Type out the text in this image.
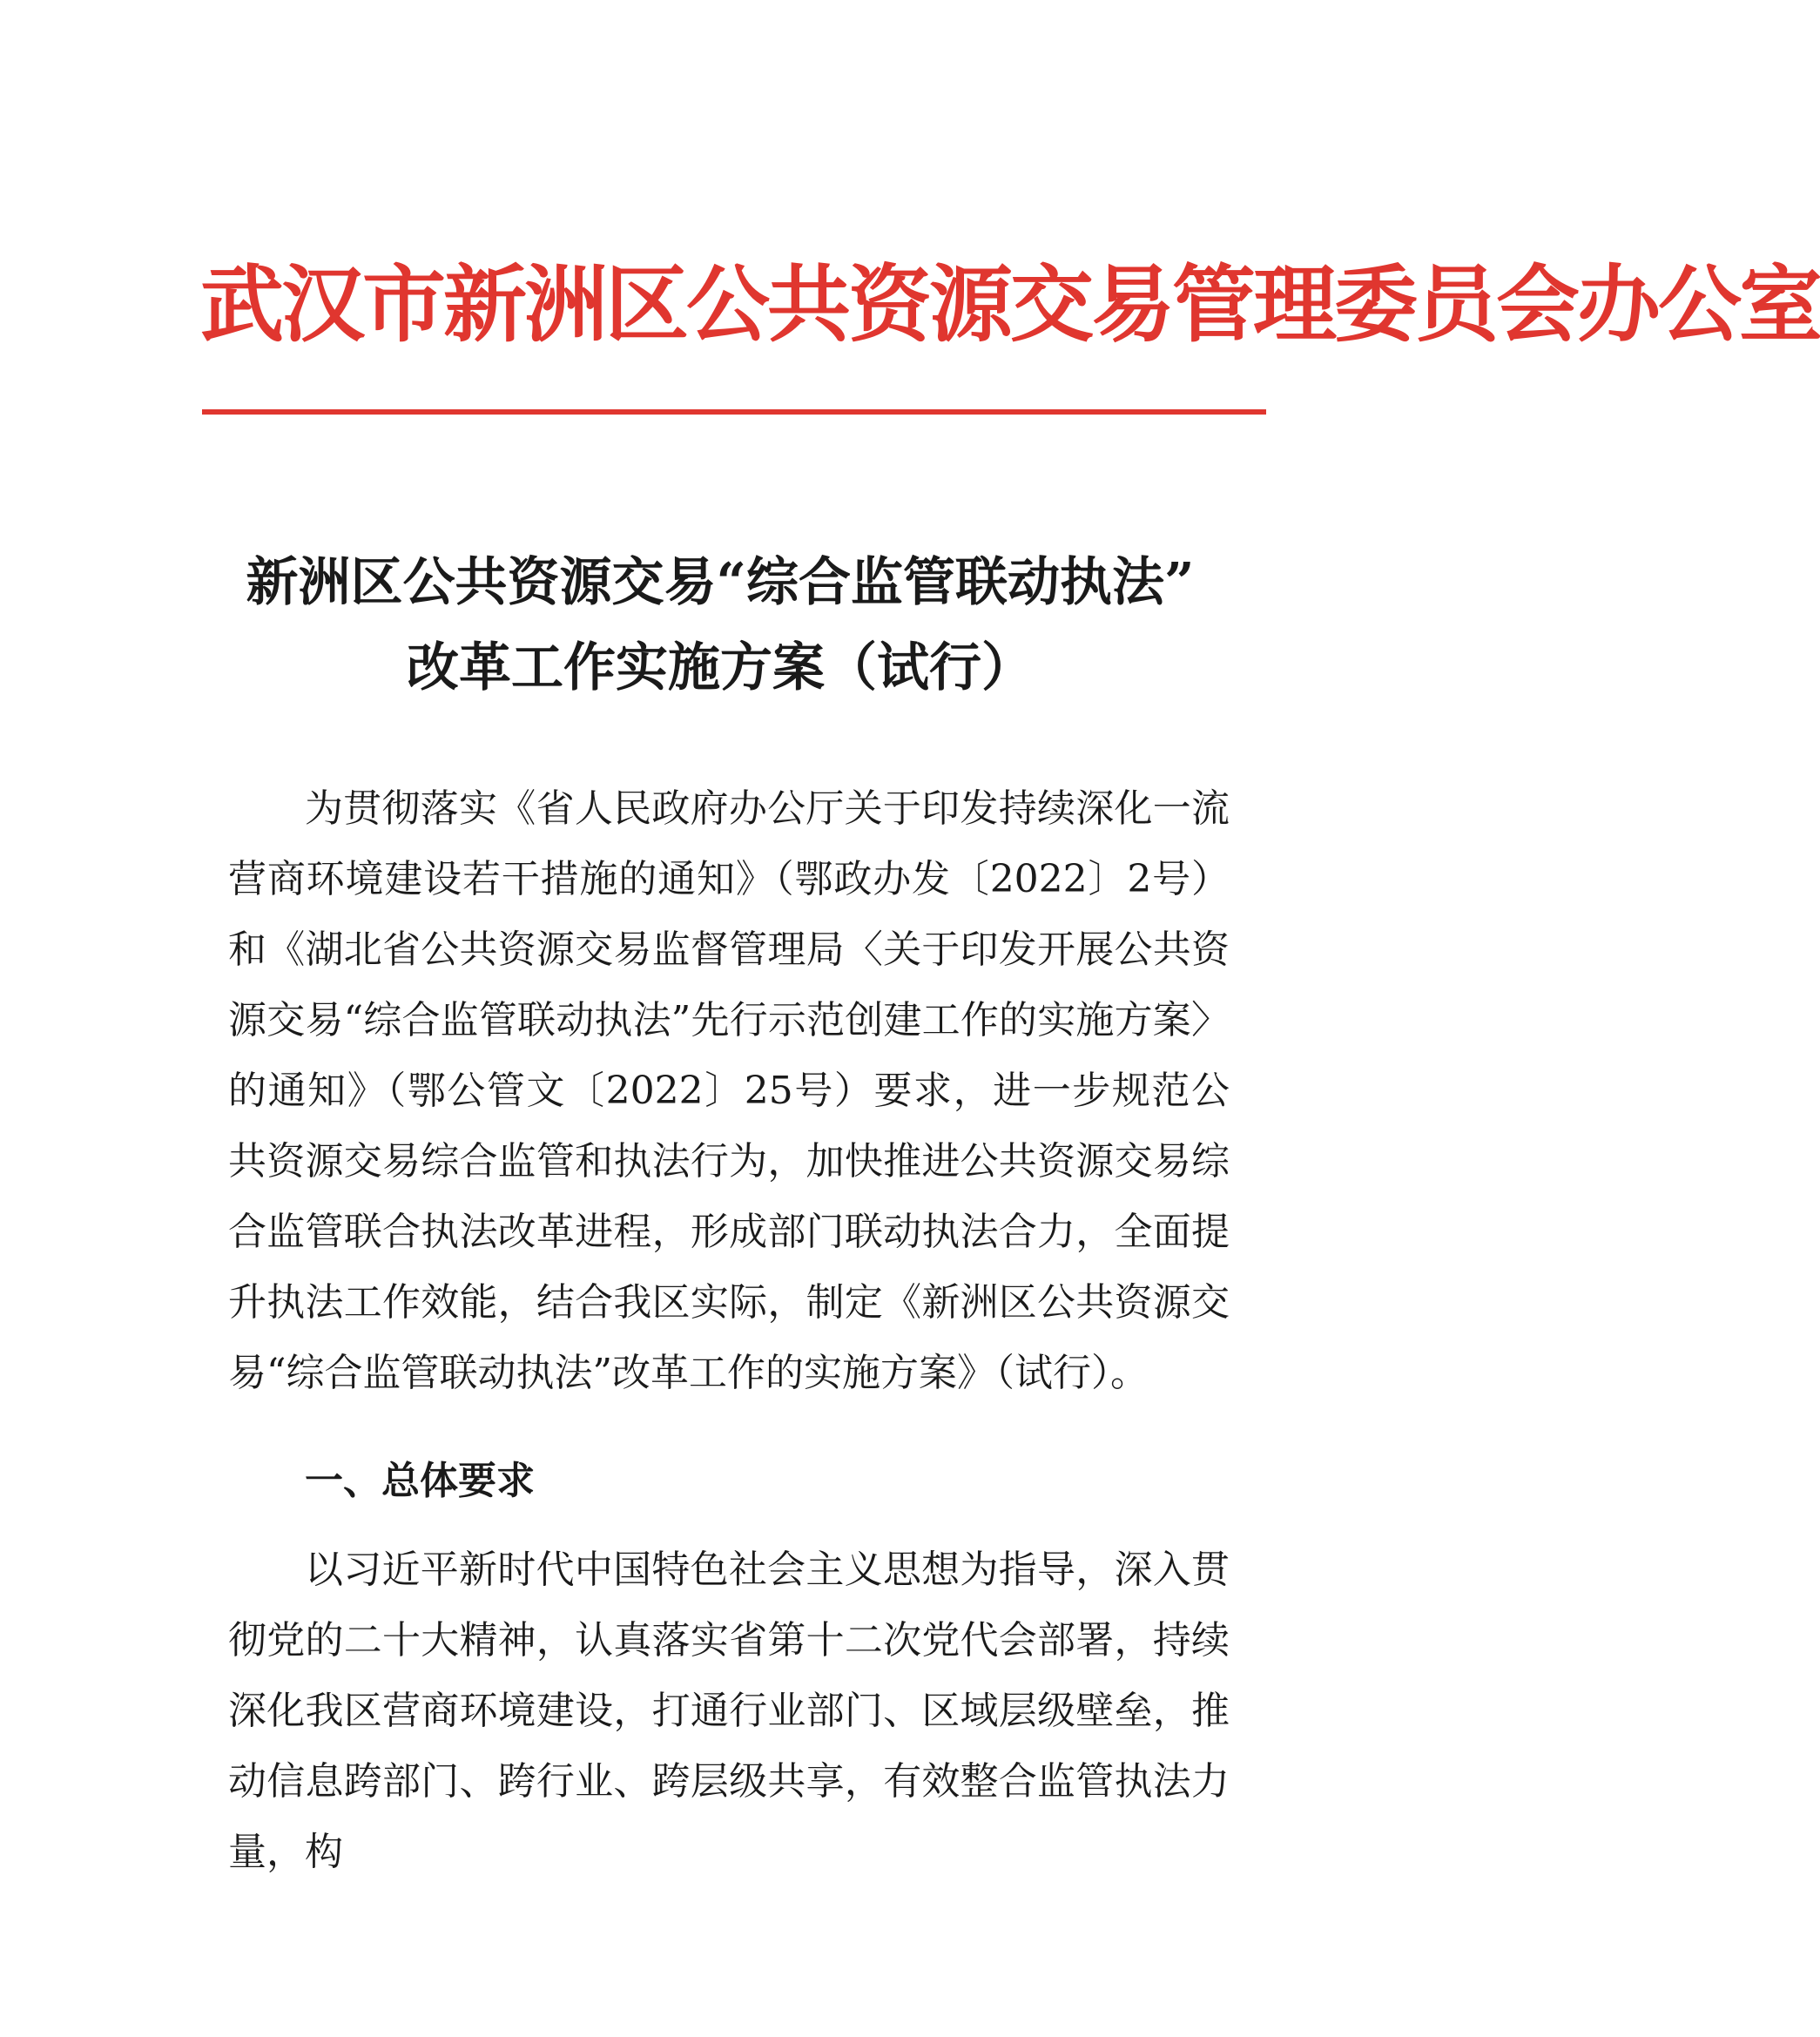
武汉市新洲区公共资源交易管理委员会办公室
新洲区公共资源交易“综合监管联动执法”
改革工作实施方案（试行）

为贯彻落实《省人民政府办公厅关于印发持续深化一流营商环境建设若干措施的通知》（鄂政办发〔2022〕2号）和《湖北省公共资源交易监督管理局〈关于印发开展公共资源交易“综合监管联动执法”先行示范创建工作的实施方案〉的通知》（鄂公管文〔2022〕25号）要求，进一步规范公共资源交易综合监管和执法行为，加快推进公共资源交易综合监管联合执法改革进程，形成部门联动执法合力，全面提升执法工作效能，结合我区实际，制定《新洲区公共资源交易“综合监管联动执法”改革工作的实施方案》（试行）。

一、总体要求

以习近平新时代中国特色社会主义思想为指导，深入贯彻党的二十大精神，认真落实省第十二次党代会部署，持续深化我区营商环境建设，打通行业部门、区域层级壁垒，推动信息跨部门、跨行业、跨层级共享，有效整合监管执法力量，构
